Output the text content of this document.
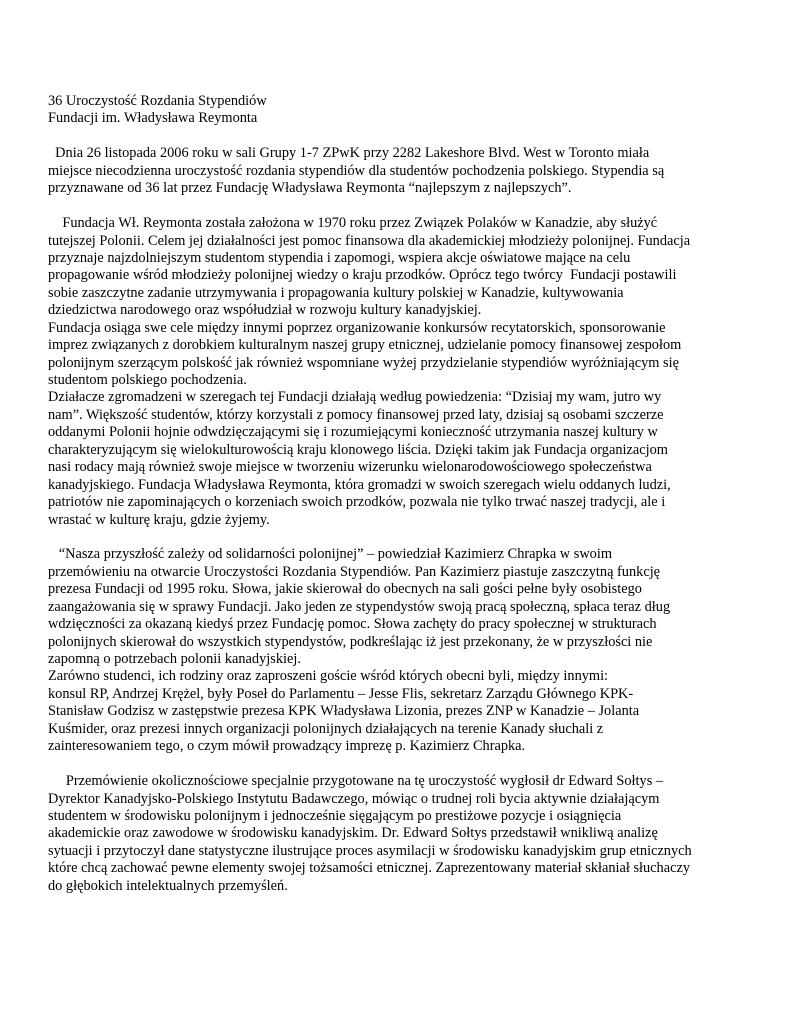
36 Uroczystość Rozdania Stypendiów
Fundacji im. Władysława Reymonta
Dnia 26 listopada 2006 roku w sali Grupy 1-7 ZPwK przy 2282 Lakeshore Blvd. West w Toronto miała
miejsce niecodzienna uroczystość rozdania stypendiów dla studentów pochodzenia polskiego. Stypendia są
przyznawane od 36 lat przez Fundację Władysława Reymonta “najlepszym z najlepszych”.
Fundacja Wł. Reymonta została założona w 1970 roku przez Związek Polaków w Kanadzie, aby służyć
tutejszej Polonii. Celem jej działalności jest pomoc finansowa dla akademickiej młodzieży polonijnej. Fundacja
przyznaje najzdolniejszym studentom stypendia i zapomogi, wspiera akcje oświatowe mające na celu
propagowanie wśród młodzieży polonijnej wiedzy o kraju przodków. Oprócz tego twórcy  Fundacji postawili
sobie zaszczytne zadanie utrzymywania i propagowania kultury polskiej w Kanadzie, kultywowania
dziedzictwa narodowego oraz współudział w rozwoju kultury kanadyjskiej.
Fundacja osiąga swe cele między innymi poprzez organizowanie konkursów recytatorskich, sponsorowanie
imprez związanych z dorobkiem kulturalnym naszej grupy etnicznej, udzielanie pomocy finansowej zespołom
polonijnym szerzącym polskość jak również wspomniane wyżej przydzielanie stypendiów wyróżniającym się
studentom polskiego pochodzenia.
Działacze zgromadzeni w szeregach tej Fundacji działają według powiedzenia: “Dzisiaj my wam, jutro wy
nam”. Większość studentów, którzy korzystali z pomocy finansowej przed laty, dzisiaj są osobami szczerze
oddanymi Polonii hojnie odwdzięczającymi się i rozumiejącymi konieczność utrzymania naszej kultury w
charakteryzującym się wielokulturowością kraju klonowego liścia. Dzięki takim jak Fundacja organizacjom
nasi rodacy mają również swoje miejsce w tworzeniu wizerunku wielonarodowościowego społeczeństwa
kanadyjskiego. Fundacja Władysława Reymonta, która gromadzi w swoich szeregach wielu oddanych ludzi,
patriotów nie zapominających o korzeniach swoich przodków, pozwala nie tylko trwać naszej tradycji, ale i
wrastać w kulturę kraju, gdzie żyjemy.
“Nasza przyszłość zależy od solidarności polonijnej” – powiedział Kazimierz Chrapka w swoim
przemówieniu na otwarcie Uroczystości Rozdania Stypendiów. Pan Kazimierz piastuje zaszczytną funkcję
prezesa Fundacji od 1995 roku. Słowa, jakie skierował do obecnych na sali gości pełne były osobistego
zaangażowania się w sprawy Fundacji. Jako jeden ze stypendystów swoją pracą społeczną, spłaca teraz dług
wdzięczności za okazaną kiedyś przez Fundację pomoc. Słowa zachęty do pracy społecznej w strukturach
polonijnych skierował do wszystkich stypendystów, podkreślając iż jest przekonany, że w przyszłości nie
zapomną o potrzebach polonii kanadyjskiej.
Zarówno studenci, ich rodziny oraz zaproszeni goście wśród których obecni byli, między innymi:
konsul RP, Andrzej Krężel, były Poseł do Parlamentu – Jesse Flis, sekretarz Zarządu Głównego KPK-
Stanisław Godzisz w zastępstwie prezesa KPK Władysława Lizonia, prezes ZNP w Kanadzie – Jolanta
Kuśmider, oraz prezesi innych organizacji polonijnych działających na terenie Kanady słuchali z
zainteresowaniem tego, o czym mówił prowadzący imprezę p. Kazimierz Chrapka.
Przemówienie okolicznościowe specjalnie przygotowane na tę uroczystość wygłosił dr Edward Sołtys –
Dyrektor Kanadyjsko-Polskiego Instytutu Badawczego, mówiąc o trudnej roli bycia aktywnie działającym
studentem w środowisku polonijnym i jednocześnie sięgającym po prestiżowe pozycje i osiągnięcia
akademickie oraz zawodowe w środowisku kanadyjskim. Dr. Edward Sołtys przedstawił wnikliwą analizę
sytuacji i przytoczył dane statystyczne ilustrujące proces asymilacji w środowisku kanadyjskim grup etnicznych
które chcą zachować pewne elementy swojej tożsamości etnicznej. Zaprezentowany materiał skłaniał słuchaczy
do głębokich intelektualnych przemyśleń.
